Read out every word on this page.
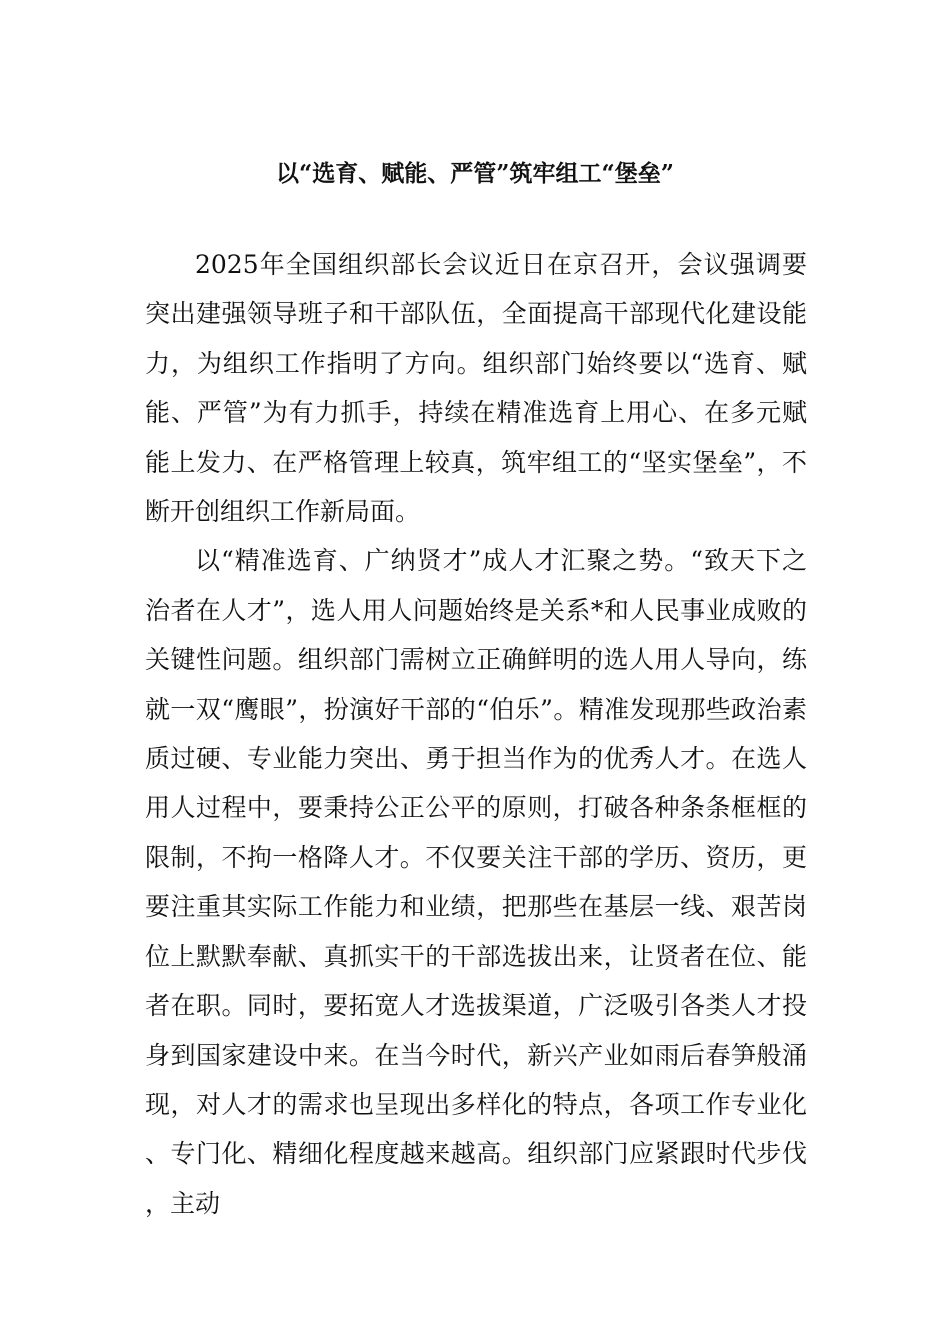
以“选育、赋能、严管”筑牢组工“堡垒”

2025年全国组织部长会议近日在京召开，会议强调要突出建强领导班子和干部队伍，全面提高干部现代化建设能力，为组织工作指明了方向。组织部门始终要以“选育、赋能、严管”为有力抓手，持续在精准选育上用心、在多元赋能上发力、在严格管理上较真，筑牢组工的“坚实堡垒”，不断开创组织工作新局面。

以“精准选育、广纳贤才”成人才汇聚之势。“致天下之治者在人才”，选人用人问题始终是关系*和人民事业成败的关键性问题。组织部门需树立正确鲜明的选人用人导向，练就一双“鹰眼”，扮演好干部的“伯乐”。精准发现那些政治素质过硬、专业能力突出、勇于担当作为的优秀人才。在选人用人过程中，要秉持公正公平的原则，打破各种条条框框的限制，不拘一格降人才。不仅要关注干部的学历、资历，更要注重其实际工作能力和业绩，把那些在基层一线、艰苦岗位上默默奉献、真抓实干的干部选拔出来，让贤者在位、能者在职。同时，要拓宽人才选拔渠道，广泛吸引各类人才投身到国家建设中来。在当今时代，新兴产业如雨后春笋般涌现，对人才的需求也呈现出多样化的特点，各项工作专业化、专门化、精细化程度越来越高。组织部门应紧跟时代步伐，主动
